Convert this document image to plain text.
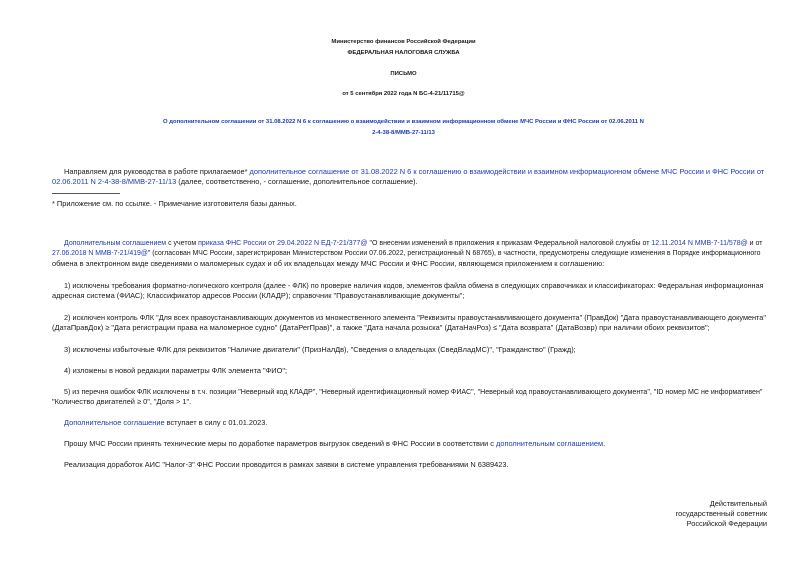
Министерство финансов Российской Федерации
ФЕДЕРАЛЬНАЯ НАЛОГОВАЯ СЛУЖБА
ПИСЬМО
от 5 сентября 2022 года N БС-4-21/11715@
О дополнительном соглашении от 31.08.2022 N 6 к соглашению о взаимодействии и взаимном информационном обмене МЧС России и ФНС России от 02.06.2011 N
2-4-38-8/ММВ-27-11/13
Направляем для руководства в работе прилагаемое* дополнительное соглашение от 31.08.2022 N 6 к соглашению о взаимодействии и взаимном информационном обмене МЧС России и ФНС России от
02.06.2011 N 2-4-38-8/ММВ-27-11/13 (далее, соответственно, - соглашение, дополнительное соглашение).
* Приложение см. по ссылке. - Примечание изготовителя базы данных.
Дополнительным соглашением с учетом приказа ФНС России от 29.04.2022 N ЕД-7-21/377@ "О внесении изменений в приложения к приказам Федеральной налоговой службы от 12.11.2014 N ММВ-7-11/578@ и от
27.06.2018 N ММВ-7-21/419@" (согласован МЧС России, зарегистрирован Министерством России 07.06.2022, регистрационный N 68765), в частности, предусмотрены следующие изменения в Порядке информационного
обмена в электронном виде сведениями о маломерных судах и об их владельцах между МЧС России и ФНС России, являющемся приложением к соглашению:
1) исключены требования форматно-логического контроля (далее - ФЛК) по проверке наличия кодов, элементов файла обмена в следующих справочниках и классификаторах: Федеральная информационная
адресная система (ФИАС); Классификатор адресов России (КЛАДР); справочник "Правоустанавливающие документы";
2) исключен контроль ФЛК "Для всех правоустанавливающих документов из множественного элемента "Реквизиты правоустанавливающего документа" (ПравДок) "Дата правоустанавливающего документа"
(ДатаПравДок) ≥ "Дата регистрации права на маломерное судно" (ДатаРегПрав)", а также "Дата начала розыска" (ДатаНачРоз) ≤ "Дата возврата" (ДатаВозвр) при наличии обоих реквизитов";
3) исключены избыточные ФЛК для реквизитов "Наличие двигатели" (ПризНалДв), "Сведения о владельцах (СведВладМС)", "Гражданство" (Гражд);
4) изложены в новой редакции параметры ФЛК элемента "ФИО";
5) из перечня ошибок ФЛК исключены в т.ч. позиции "Неверный код КЛАДР", "Неверный идентификационный номер ФИАС", "Неверный код правоустанавливающего документа", "ID номер МС не информативен"
"Количество двигателей ≥ 0", "Доля > 1".
Дополнительное соглашение вступает в силу с 01.01.2023.
Прошу МЧС России принять технические меры по доработке параметров выгрузок сведений в ФНС России в соответствии с дополнительным соглашением.
Реализация доработок АИС "Налог-3" ФНС России проводится в рамках заявки в системе управления требованиями N 6389423.
Действительный
государственный советник
Российской Федерации
